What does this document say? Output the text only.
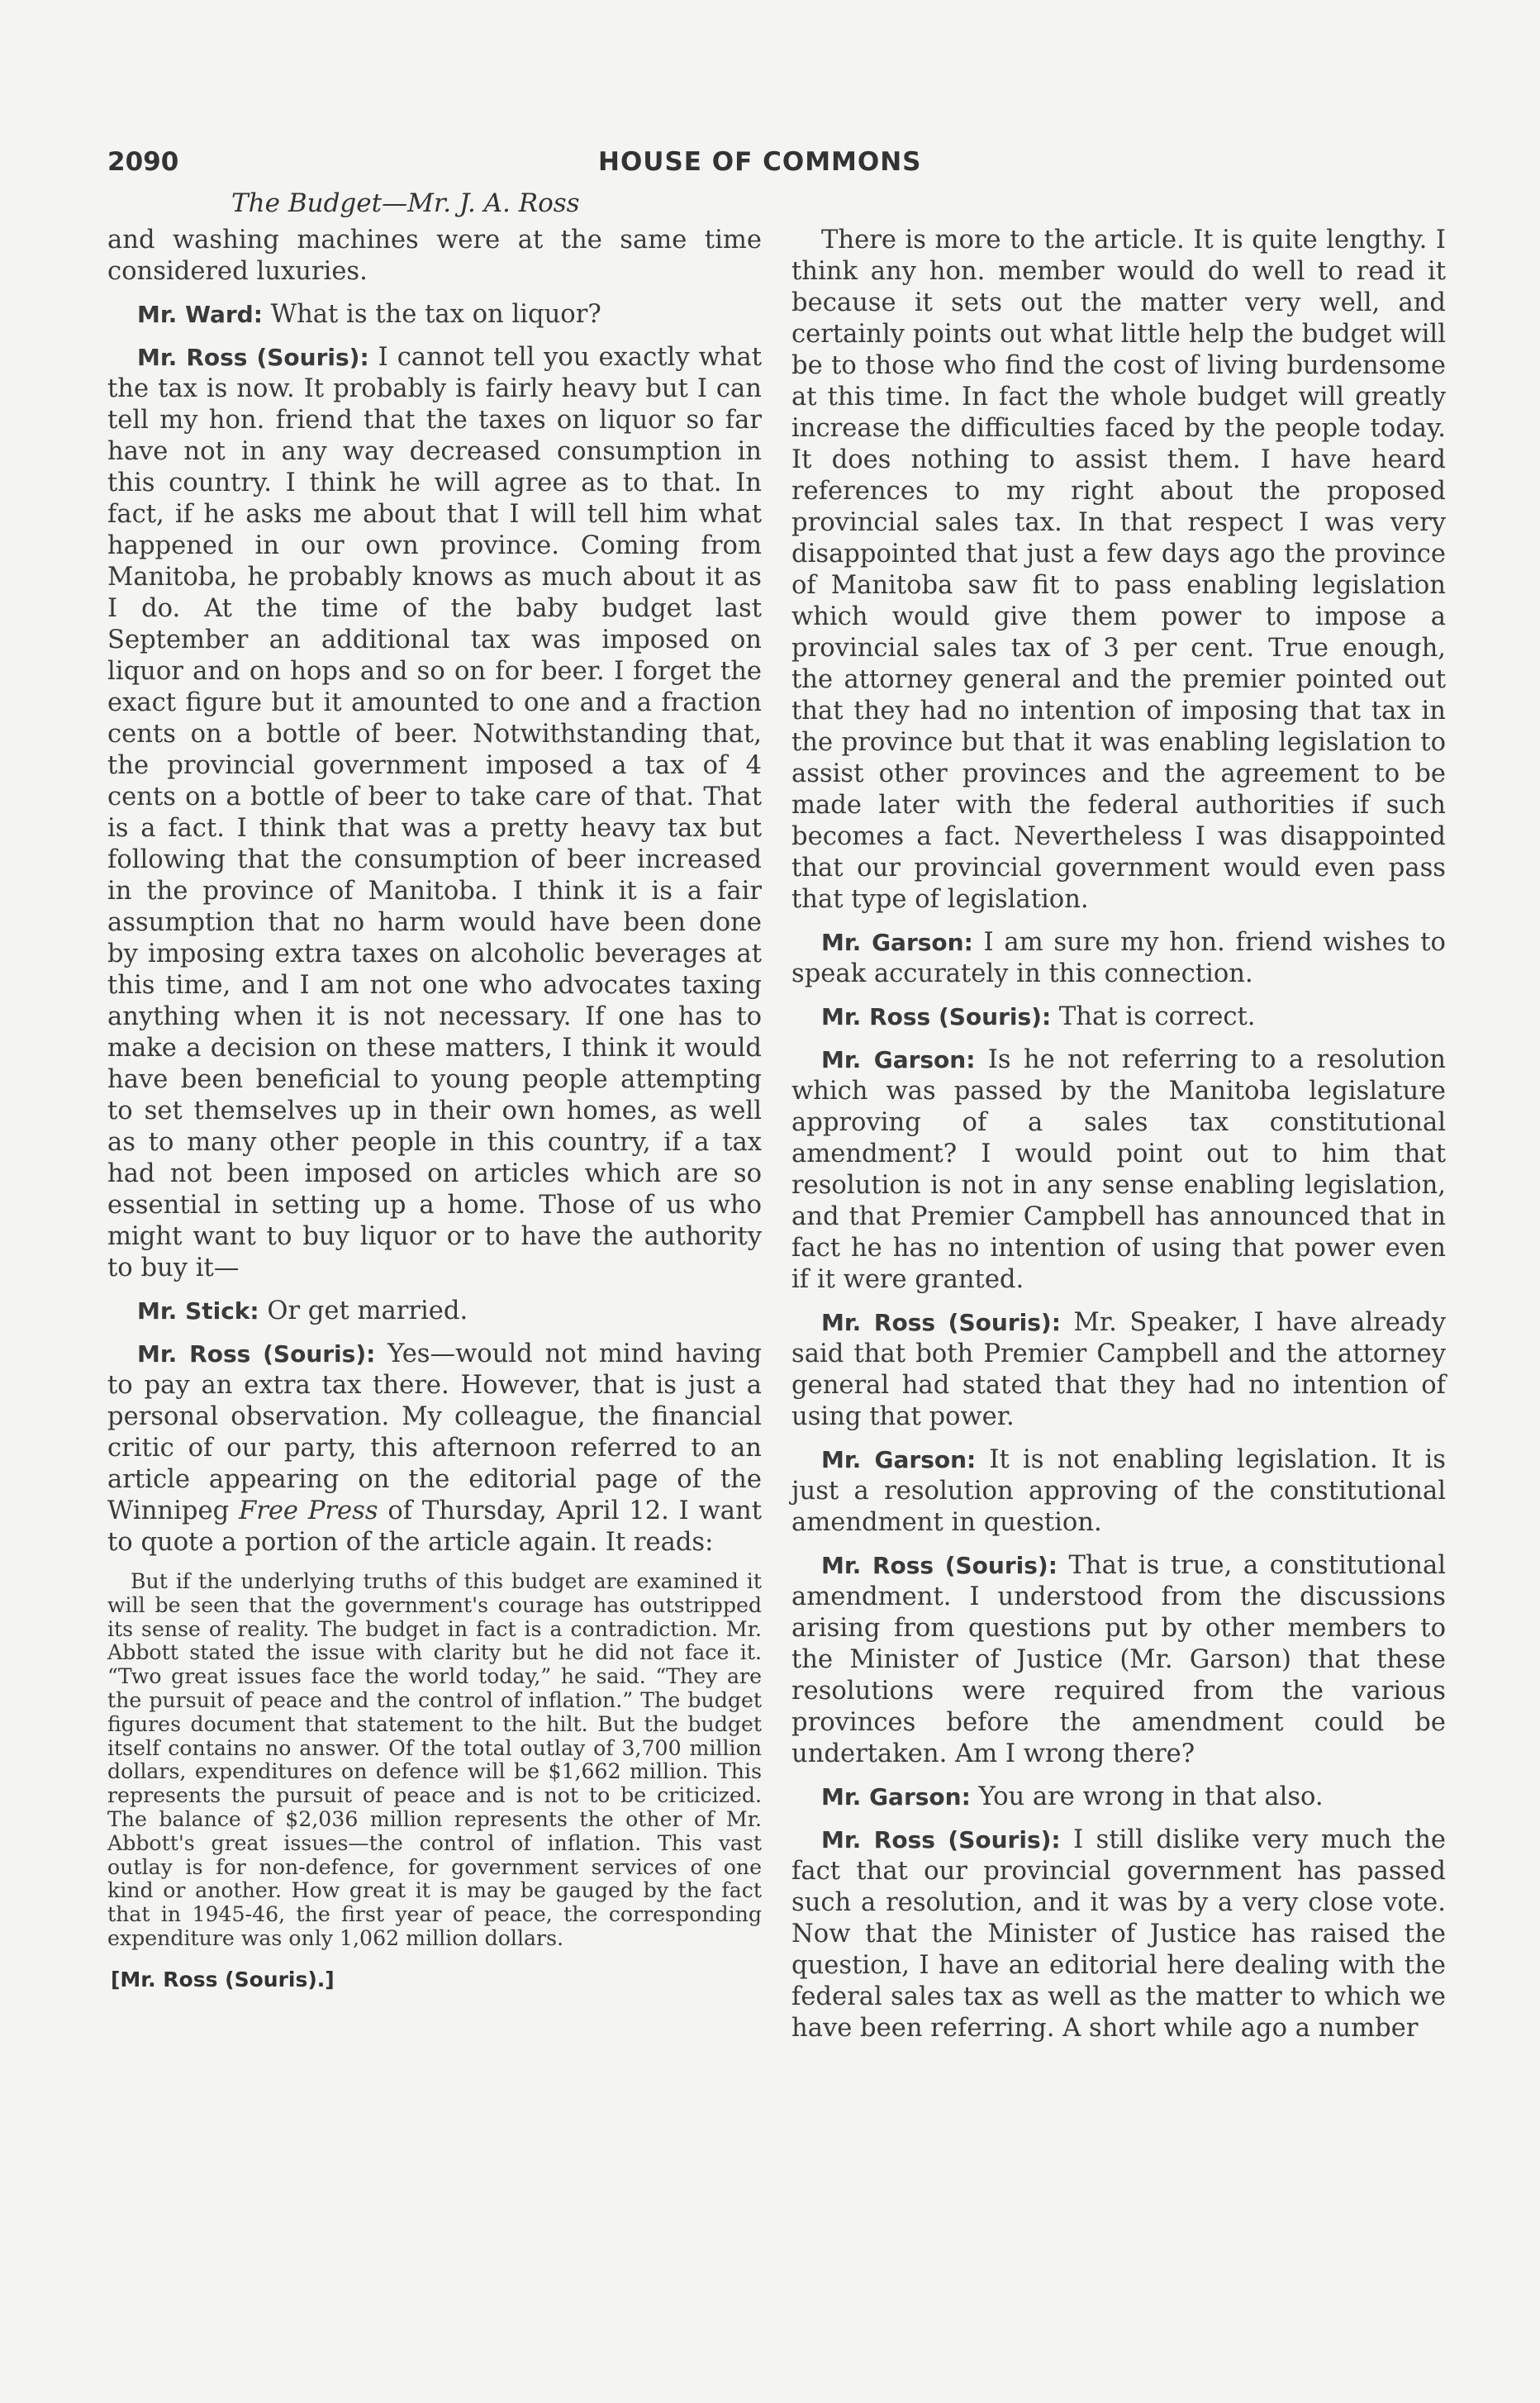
2090	HOUSE OF COMMONS
The Budget—Mr. J. A. Ross

and washing machines were at the same time considered luxuries.

Mr. Ward: What is the tax on liquor?

Mr. Ross (Souris): I cannot tell you exactly what the tax is now. It probably is fairly heavy but I can tell my hon. friend that the taxes on liquor so far have not in any way decreased consumption in this country. I think he will agree as to that. In fact, if he asks me about that I will tell him what happened in our own province. Coming from Manitoba, he probably knows as much about it as I do. At the time of the baby budget last September an additional tax was imposed on liquor and on hops and so on for beer. I forget the exact figure but it amounted to one and a fraction cents on a bottle of beer. Notwithstanding that, the provincial government imposed a tax of 4 cents on a bottle of beer to take care of that. That is a fact. I think that was a pretty heavy tax but following that the consumption of beer increased in the province of Manitoba. I think it is a fair assumption that no harm would have been done by imposing extra taxes on alcoholic beverages at this time, and I am not one who advocates taxing anything when it is not necessary. If one has to make a decision on these matters, I think it would have been beneficial to young people attempting to set themselves up in their own homes, as well as to many other people in this country, if a tax had not been imposed on articles which are so essential in setting up a home. Those of us who might want to buy liquor or to have the authority to buy it—

Mr. Stick: Or get married.

Mr. Ross (Souris): Yes—would not mind having to pay an extra tax there. However, that is just a personal observation. My colleague, the financial critic of our party, this afternoon referred to an article appearing on the editorial page of the Winnipeg Free Press of Thursday, April 12. I want to quote a portion of the article again. It reads:

But if the underlying truths of this budget are examined it will be seen that the government's courage has outstripped its sense of reality. The budget in fact is a contradiction. Mr. Abbott stated the issue with clarity but he did not face it. “Two great issues face the world today,” he said. “They are the pursuit of peace and the control of inflation.” The budget figures document that statement to the hilt. But the budget itself contains no answer. Of the total outlay of 3,700 million dollars, expenditures on defence will be $1,662 million. This represents the pursuit of peace and is not to be criticized. The balance of $2,036 million represents the other of Mr. Abbott's great issues—the control of inflation. This vast outlay is for non-defence, for government services of one kind or another. How great it is may be gauged by the fact that in 1945-46, the first year of peace, the corresponding expenditure was only 1,062 million dollars.

[Mr. Ross (Souris).]

There is more to the article. It is quite lengthy. I think any hon. member would do well to read it because it sets out the matter very well, and certainly points out what little help the budget will be to those who find the cost of living burdensome at this time. In fact the whole budget will greatly increase the difficulties faced by the people today. It does nothing to assist them. I have heard references to my right about the proposed provincial sales tax. In that respect I was very disappointed that just a few days ago the province of Manitoba saw fit to pass enabling legislation which would give them power to impose a provincial sales tax of 3 per cent. True enough, the attorney general and the premier pointed out that they had no intention of imposing that tax in the province but that it was enabling legislation to assist other provinces and the agreement to be made later with the federal authorities if such becomes a fact. Nevertheless I was disappointed that our provincial government would even pass that type of legislation.

Mr. Garson: I am sure my hon. friend wishes to speak accurately in this connection.

Mr. Ross (Souris): That is correct.

Mr. Garson: Is he not referring to a resolution which was passed by the Manitoba legislature approving of a sales tax constitutional amendment? I would point out to him that resolution is not in any sense enabling legislation, and that Premier Campbell has announced that in fact he has no intention of using that power even if it were granted.

Mr. Ross (Souris): Mr. Speaker, I have already said that both Premier Campbell and the attorney general had stated that they had no intention of using that power.

Mr. Garson: It is not enabling legislation. It is just a resolution approving of the constitutional amendment in question.

Mr. Ross (Souris): That is true, a constitutional amendment. I understood from the discussions arising from questions put by other members to the Minister of Justice (Mr. Garson) that these resolutions were required from the various provinces before the amendment could be undertaken. Am I wrong there?

Mr. Garson: You are wrong in that also.

Mr. Ross (Souris): I still dislike very much the fact that our provincial government has passed such a resolution, and it was by a very close vote. Now that the Minister of Justice has raised the question, I have an editorial here dealing with the federal sales tax as well as the matter to which we have been referring. A short while ago a number
